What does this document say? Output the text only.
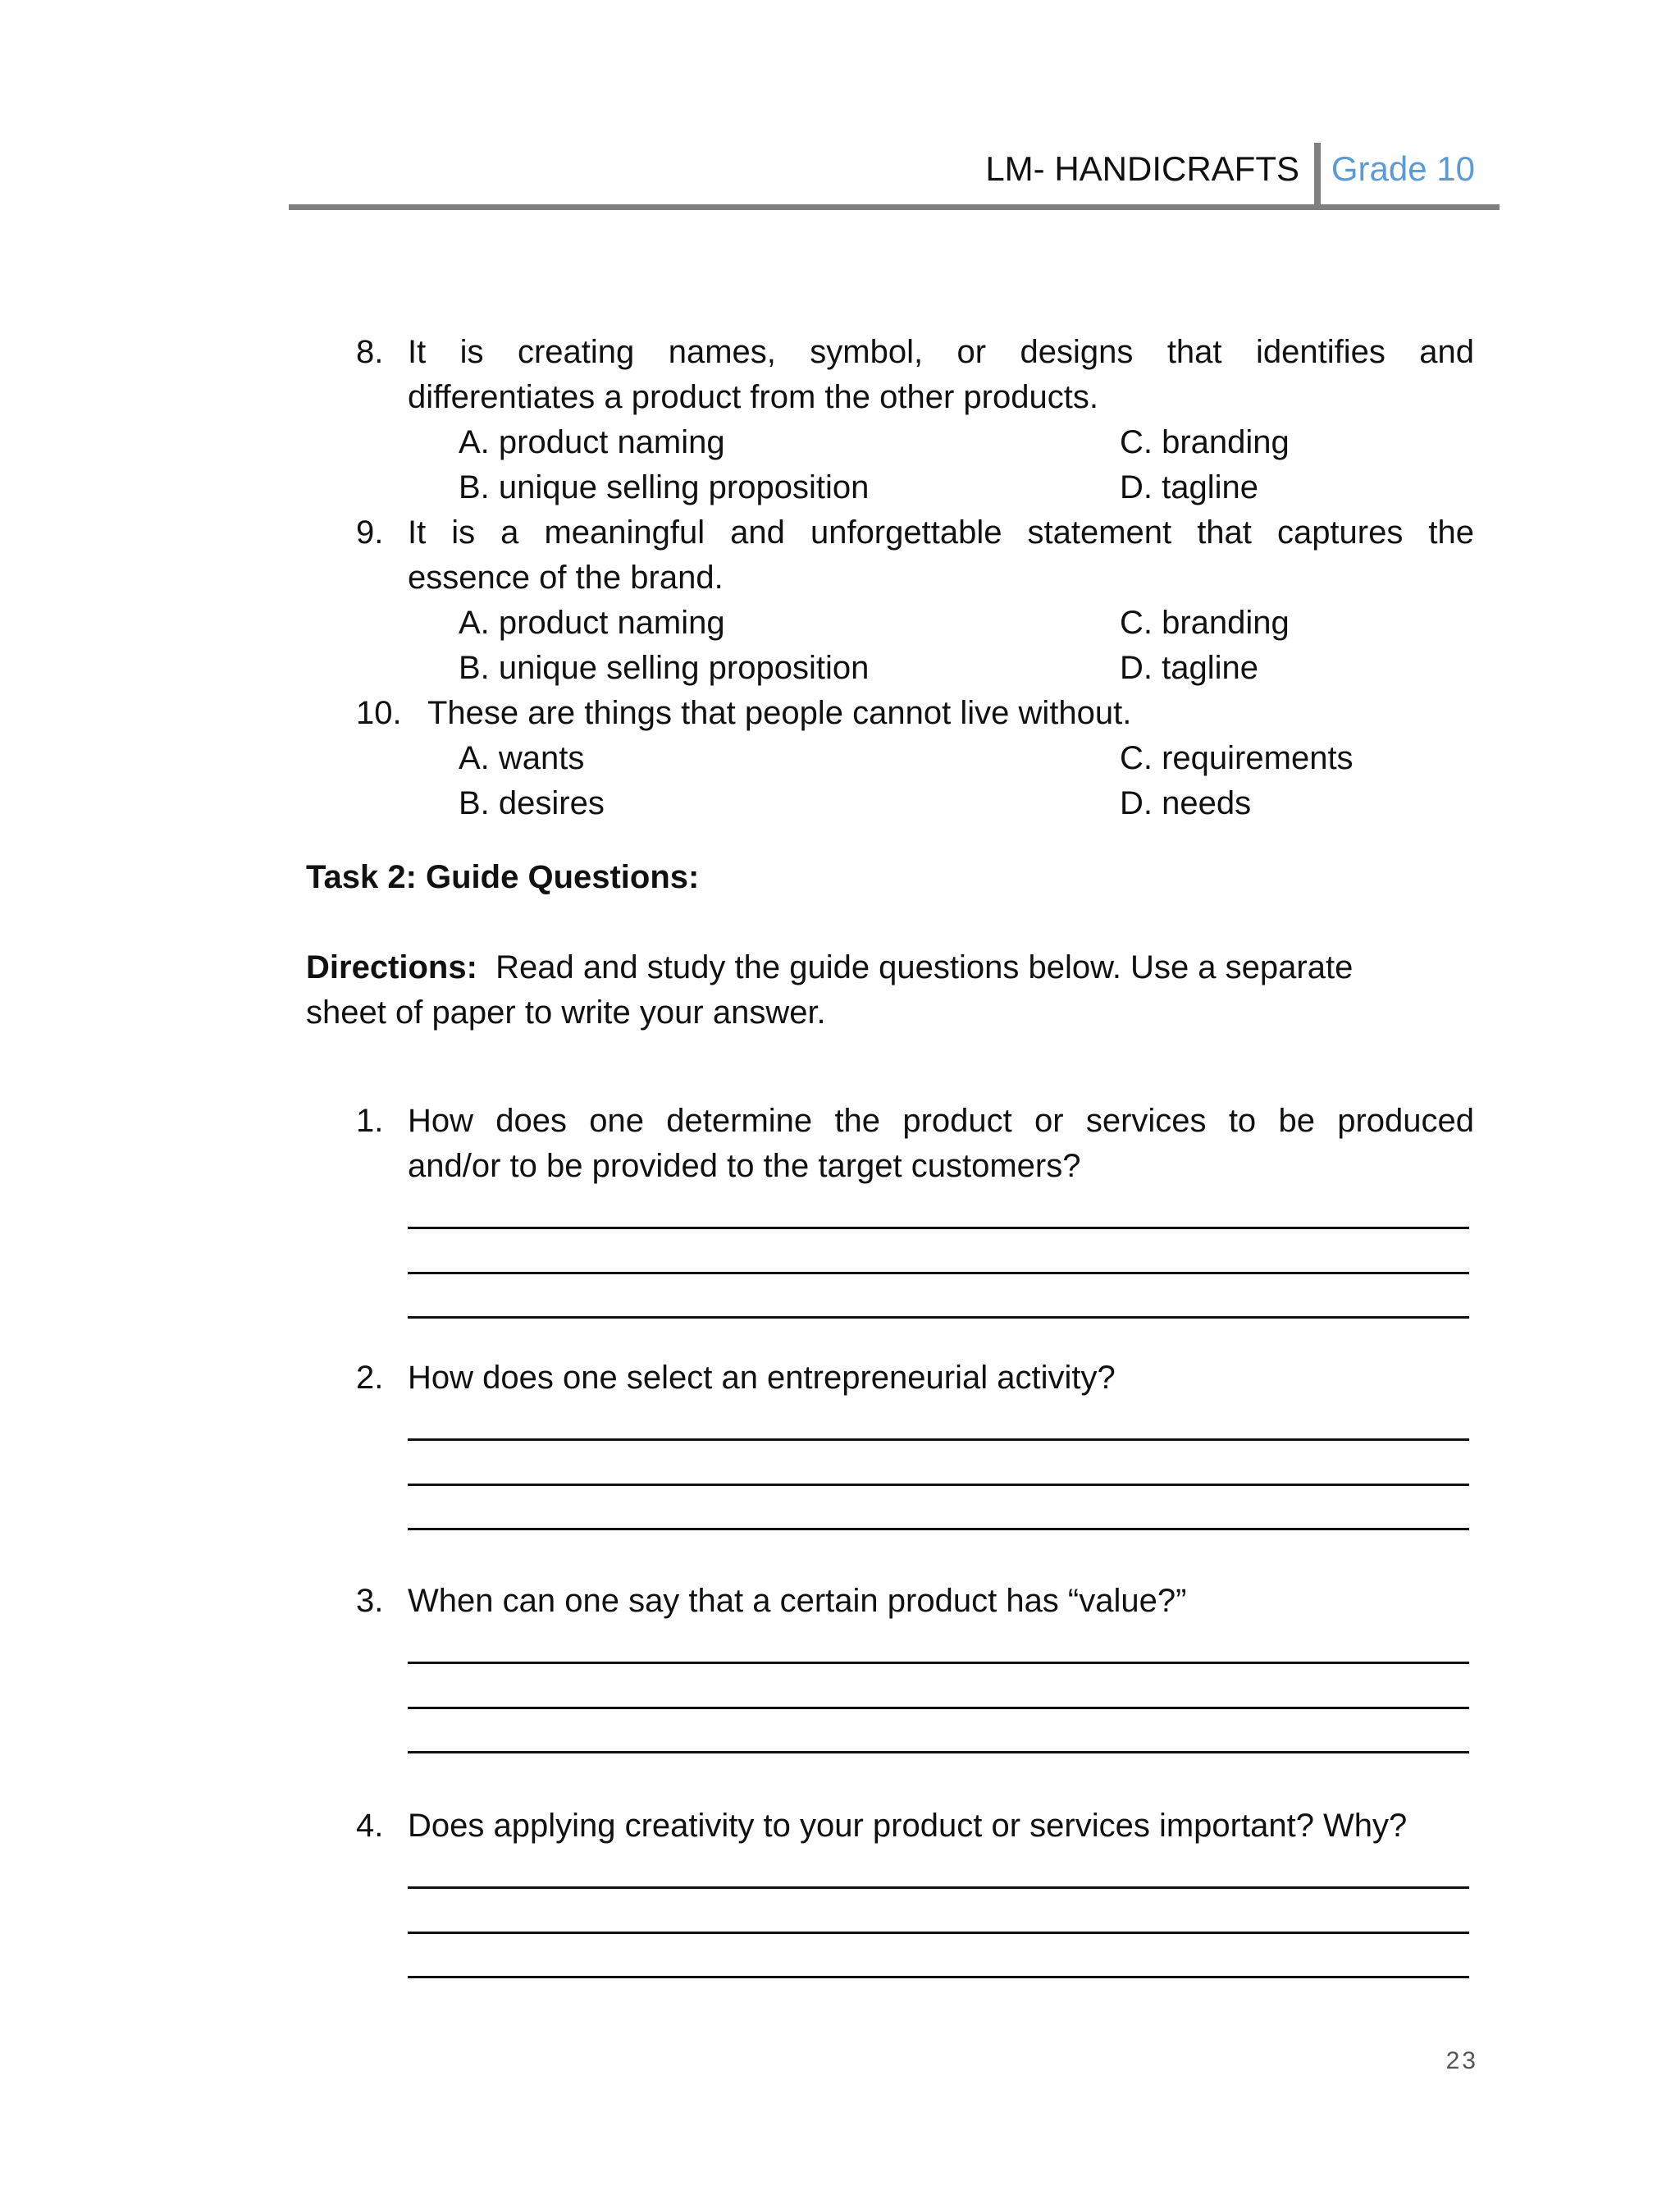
LM- HANDICRAFTS Grade 10
8. It is creating names, symbol, or designs that identifies and
differentiates a product from the other products.
A. product naming	C. branding
B. unique selling proposition	D. tagline
9. It is a meaningful and unforgettable statement that captures the
essence of the brand.
A. product naming	C. branding
B. unique selling proposition	D. tagline
10. These are things that people cannot live without.
A. wants	C. requirements
B. desires	D. needs
Task 2: Guide Questions:
Directions: Read and study the guide questions below. Use a separate
sheet of paper to write your answer.
1. How does one determine the product or services to be produced
and/or to be provided to the target customers?
2. How does one select an entrepreneurial activity?
3. When can one say that a certain product has “value?”
4. Does applying creativity to your product or services important? Why?
23
